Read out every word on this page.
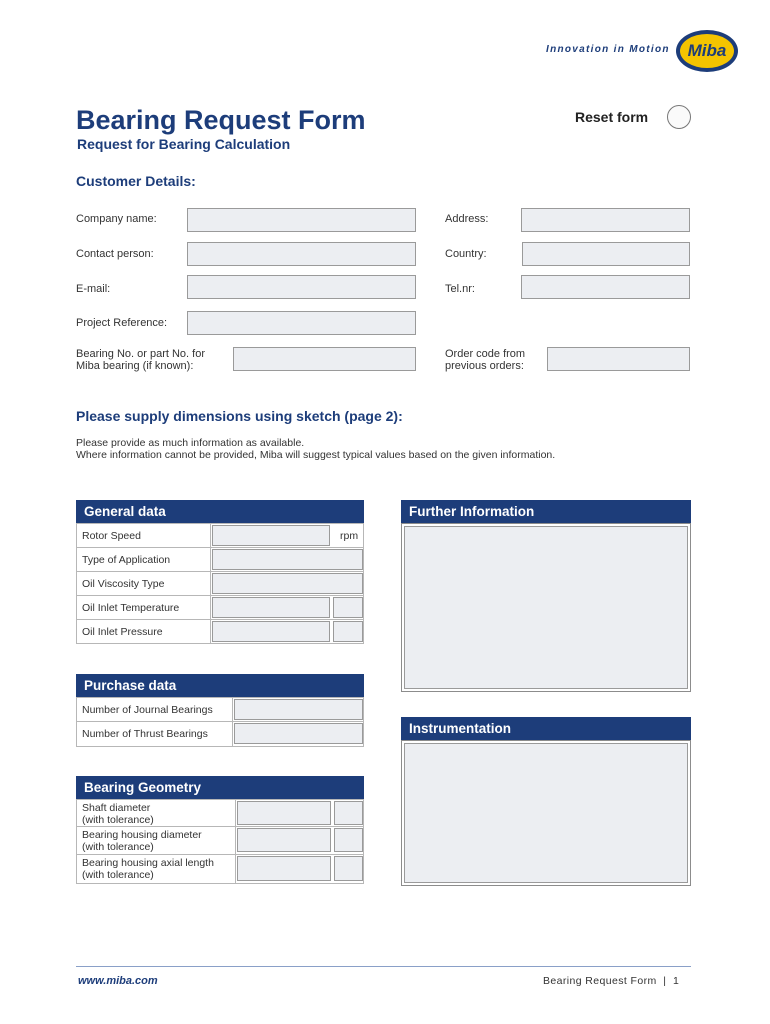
Innovation in Motion	Miba
Bearing Request Form
Request for Bearing Calculation
Reset form
Customer Details:
Company name:	Address:
Contact person:	Country:
E-mail:	Tel.nr:
Project Reference:
Bearing No. or part No. for
Miba bearing (if known):
Order code from
previous orders:
Please supply dimensions using sketch (page 2):
Please provide as much information as available.
Where information cannot be provided, Miba will suggest typical values based on the given information.
General data
Rotor Speed	rpm
Type of Application
Oil Viscosity Type
Oil Inlet Temperature
Oil Inlet Pressure
Purchase data
Number of Journal Bearings
Number of Thrust Bearings
Bearing Geometry
Shaft diameter
(with tolerance)
Bearing housing diameter
(with tolerance)
Bearing housing axial length
(with tolerance)
Further Information
Instrumentation
www.miba.com	Bearing Request Form  |  1
